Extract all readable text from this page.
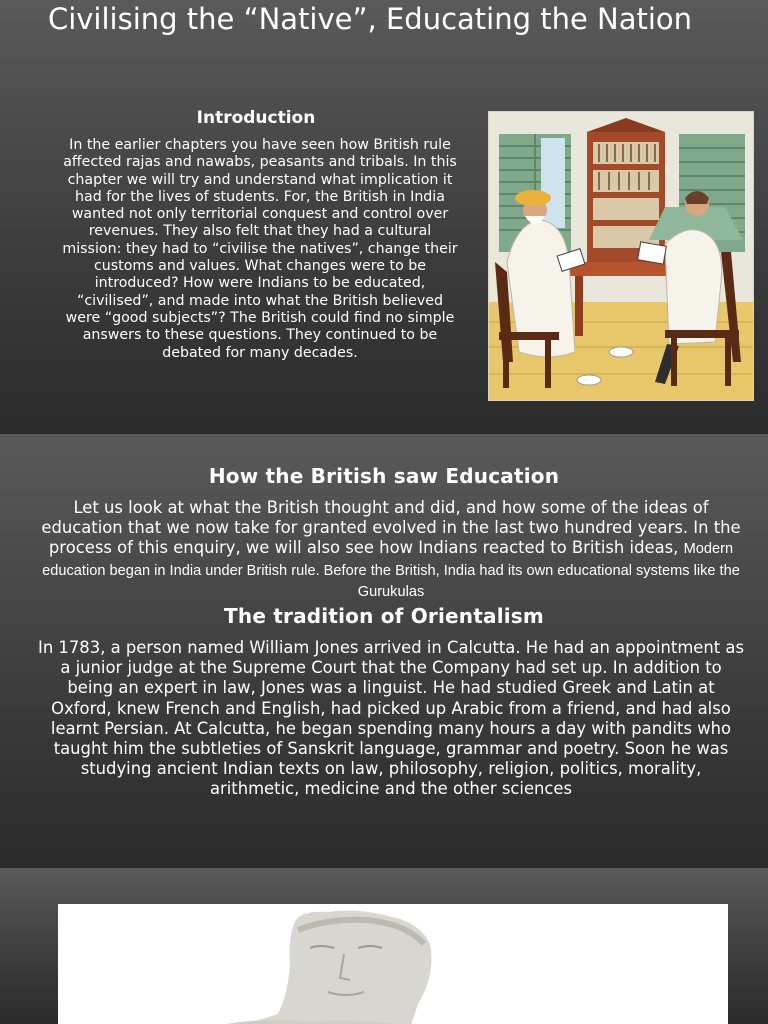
Civilising the “Native”, Educating the Nation
Introduction
In the earlier chapters you have seen how British rule affected rajas and nawabs, peasants and tribals. In this chapter we will try and understand what implication it had for the lives of students. For, the British in India wanted not only territorial conquest and control over revenues. They also felt that they had a cultural mission: they had to “civilise the natives”, change their customs and values. What changes were to be introduced? How were Indians to be educated, “civilised”, and made into what the British believed were “good subjects”? The British could find no simple answers to these questions. They continued to be debated for many decades.
How the British saw Education
Let us look at what the British thought and did, and how some of the ideas of education that we now take for granted evolved in the last two hundred years. In the process of this enquiry, we will also see how Indians reacted to British ideas, Modern education began in India under British rule. Before the British, India had its own educational systems like the Gurukulas
The tradition of Orientalism
In 1783, a person named William Jones arrived in Calcutta. He had an appointment as a junior judge at the Supreme Court that the Company had set up. In addition to being an expert in law, Jones was a linguist. He had studied Greek and Latin at Oxford, knew French and English, had picked up Arabic from a friend, and had also learnt Persian. At Calcutta, he began spending many hours a day with pandits who taught him the subtleties of Sanskrit language, grammar and poetry. Soon he was studying ancient Indian texts on law, philosophy, religion, politics, morality, arithmetic, medicine and the other sciences
